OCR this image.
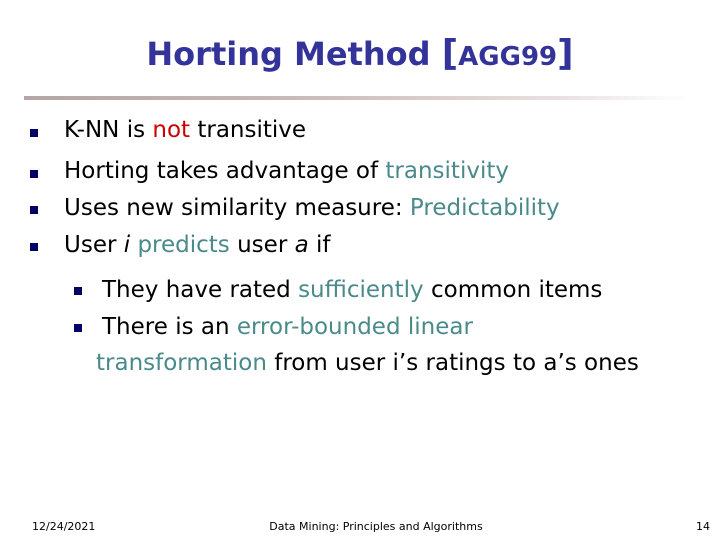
Horting Method [AGG99]
K-NN is not transitive
Horting takes advantage of transitivity
Uses new similarity measure: Predictability
User i predicts user a if
They have rated sufficiently common items
There is an error-bounded linear
transformation from user i’s ratings to a’s ones
12/24/2021	Data Mining: Principles and Algorithms	14
